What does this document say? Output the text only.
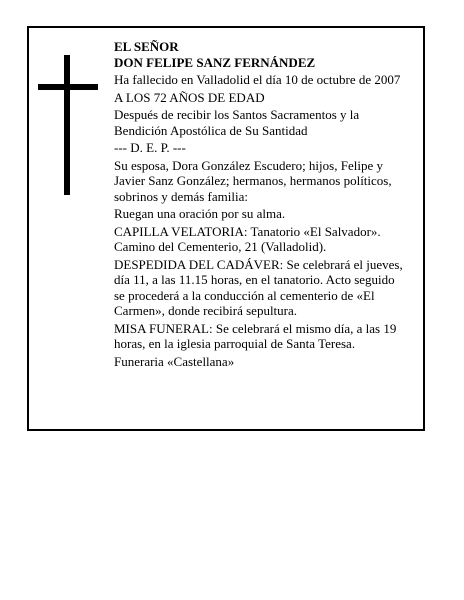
EL SEÑOR

DON FELIPE SANZ FERNÁNDEZ

Ha fallecido en Valladolid el día 10 de octubre de 2007

A LOS 72 AÑOS DE EDAD

Después de recibir los Santos Sacramentos y la
Bendición Apostólica de Su Santidad

--- D. E. P. ---

Su esposa, Dora González Escudero; hijos, Felipe y
Javier Sanz González; hermanos, hermanos políticos,
sobrinos y demás familia:

Ruegan una oración por su alma.

CAPILLA VELATORIA: Tanatorio «El Salvador».
Camino del Cementerio, 21 (Valladolid).

DESPEDIDA DEL CADÁVER: Se celebrará el jueves,
día 11, a las 11.15 horas, en el tanatorio. Acto seguido
se procederá a la conducción al cementerio de «El
Carmen», donde recibirá sepultura.

MISA FUNERAL: Se celebrará el mismo día, a las 19
horas, en la iglesia parroquial de Santa Teresa.

Funeraria «Castellana»
